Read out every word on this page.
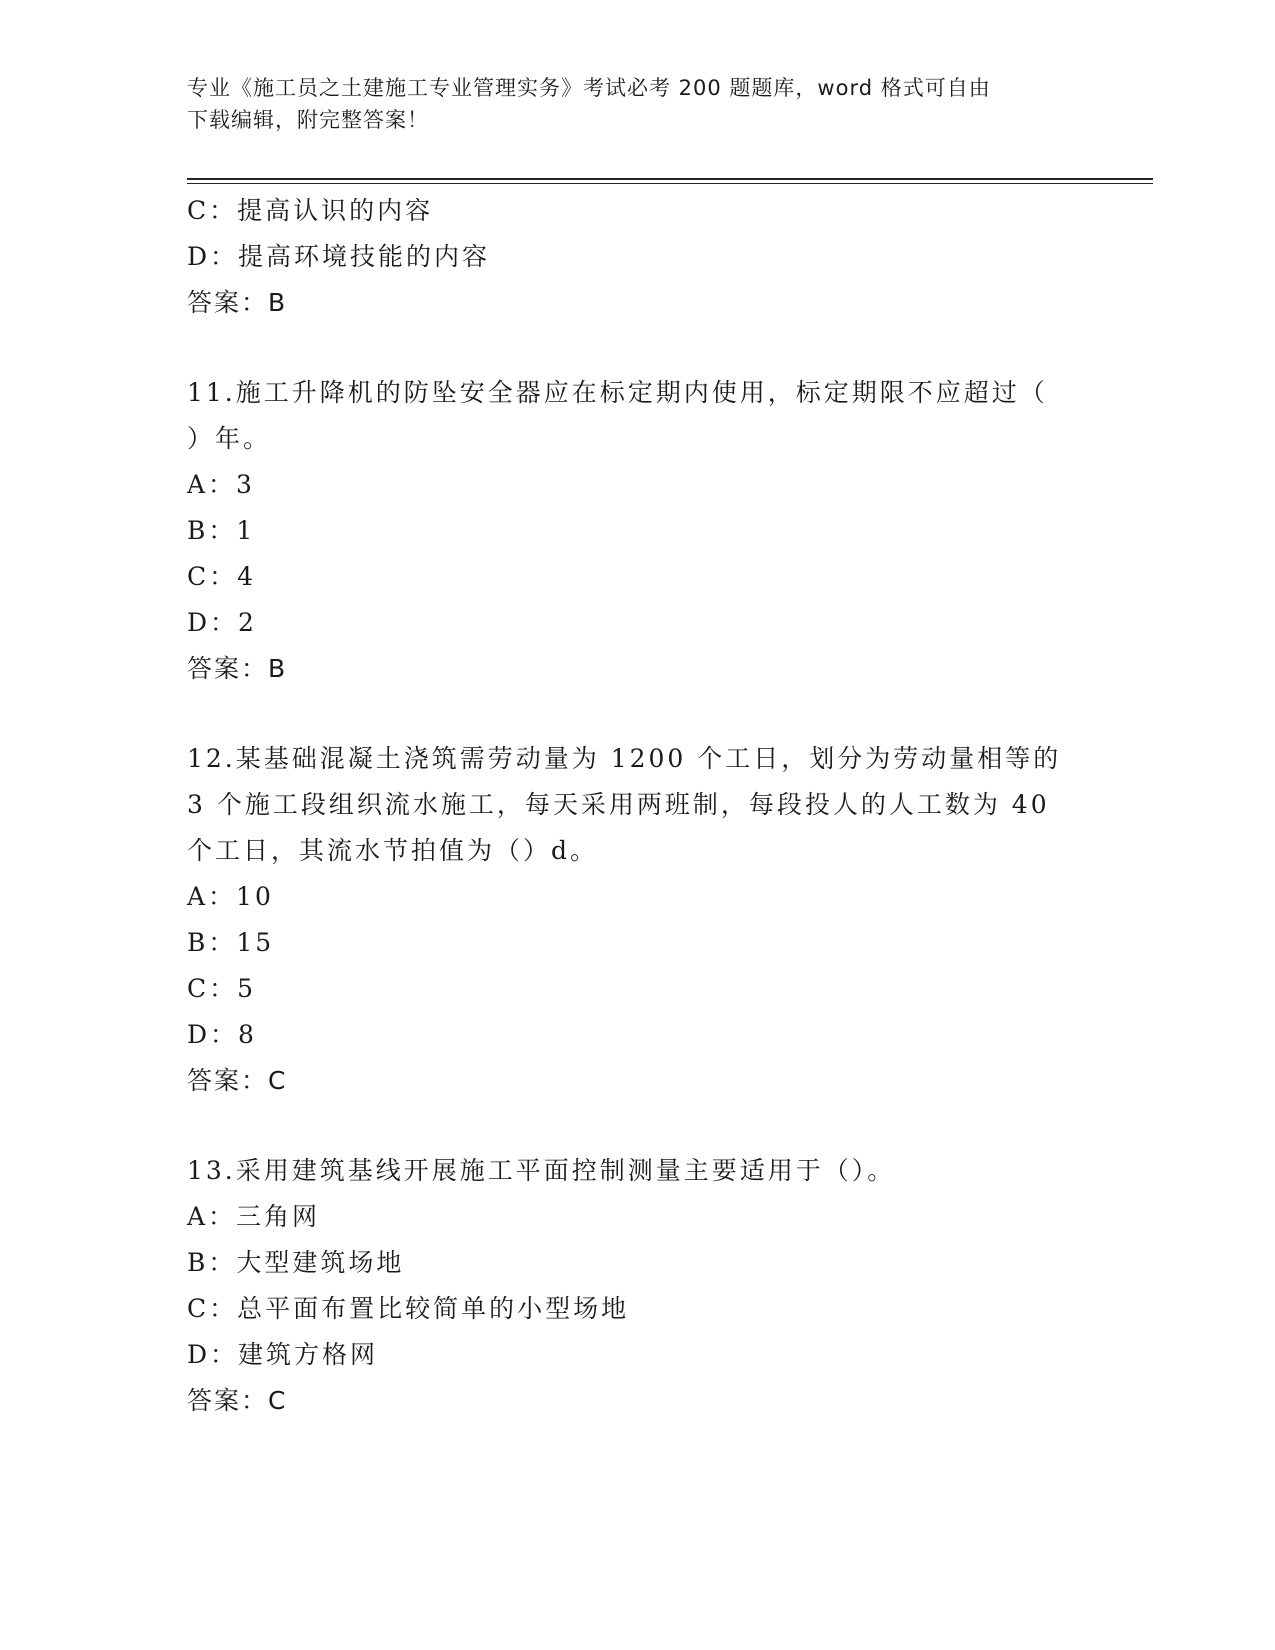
专业《施工员之土建施工专业管理实务》考试必考 200 题题库，word 格式可自由
下载编辑，附完整答案！
C：提高认识的内容
D：提高环境技能的内容
答案：B
11.施工升降机的防坠安全器应在标定期内使用，标定期限不应超过（
）年。
A：3
B：1
C：4
D：2
答案：B
12.某基础混凝土浇筑需劳动量为 1200 个工日，划分为劳动量相等的
3 个施工段组织流水施工，每天采用两班制，每段投人的人工数为 40
个工日，其流水节拍值为（）d。
A：10
B：15
C：5
D：8
答案：C
13.采用建筑基线开展施工平面控制测量主要适用于（）。
A：三角网
B：大型建筑场地
C：总平面布置比较简单的小型场地
D：建筑方格网
答案：C
